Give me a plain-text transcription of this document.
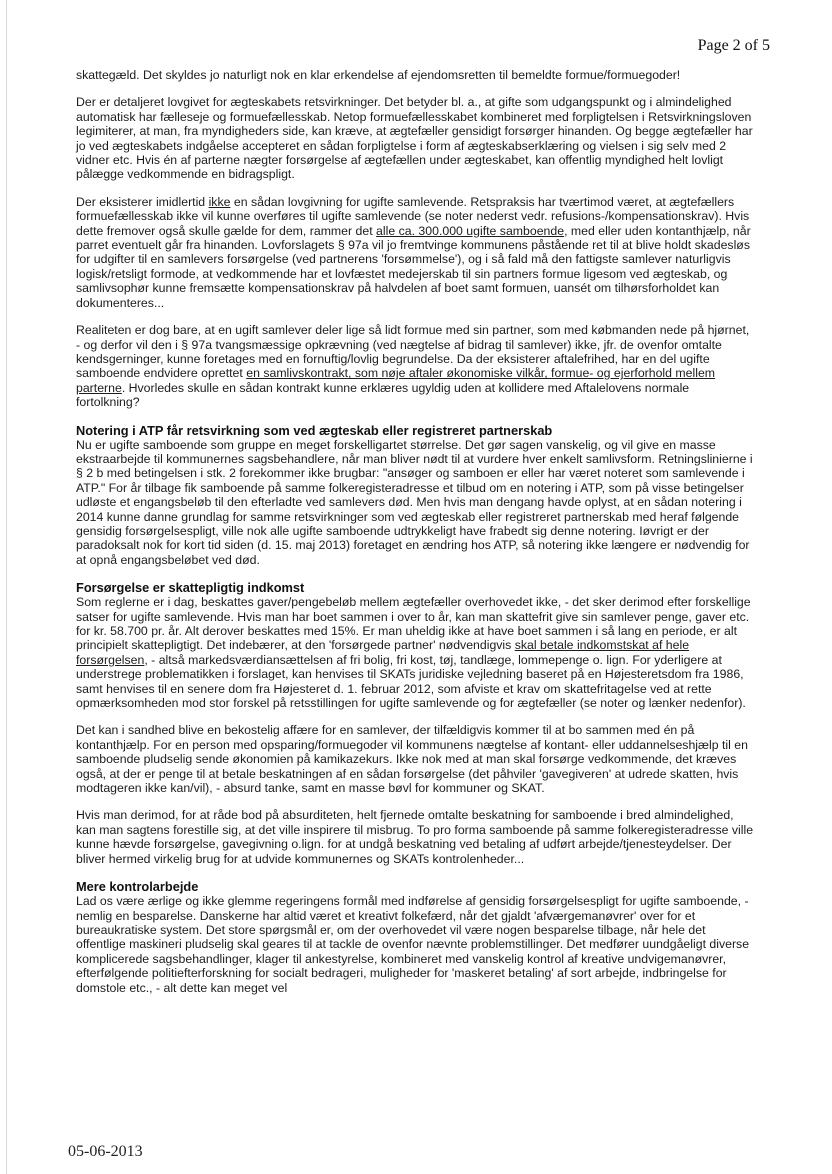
Page 2 of 5

skattegæld. Det skyldes jo naturligt nok en klar erkendelse af ejendomsretten til bemeldte formue/formuegoder!

Der er detaljeret lovgivet for ægteskabets retsvirkninger. Det betyder bl. a., at gifte som udgangspunkt og i almindelighed automatisk har fælleseje og formuefællesskab. Netop formuefællesskabet kombineret med forpligtelsen i Retsvirkningsloven legimiterer, at man, fra myndigheders side, kan kræve, at ægtefæller gensidigt forsørger hinanden. Og begge ægtefæller har jo ved ægteskabets indgåelse accepteret en sådan forpligtelse i form af ægteskabserklæring og vielsen i sig selv med 2 vidner etc. Hvis én af parterne nægter forsørgelse af ægtefællen under ægteskabet, kan offentlig myndighed helt lovligt pålægge vedkommende en bidragspligt.

Der eksisterer imidlertid ikke en sådan lovgivning for ugifte samlevende. Retspraksis har tværtimod været, at ægtefællers formuefællesskab ikke vil kunne overføres til ugifte samlevende (se noter nederst vedr. refusions-/kompensationskrav). Hvis dette fremover også skulle gælde for dem, rammer det alle ca. 300.000 ugifte samboende, med eller uden kontanthjælp, når parret eventuelt går fra hinanden. Lovforslagets § 97a vil jo fremtvinge kommunens påstående ret til at blive holdt skadesløs for udgifter til en samlevers forsørgelse (ved partnerens 'forsømmelse'), og i så fald må den fattigste samlever naturligvis logisk/retsligt formode, at vedkommende har et lovfæstet medejerskab til sin partners formue ligesom ved ægteskab, og samlivsophør kunne fremsætte kompensationskrav på halvdelen af boet samt formuen, uansét om tilhørsforholdet kan dokumenteres...

Realiteten er dog bare, at en ugift samlever deler lige så lidt formue med sin partner, som med købmanden nede på hjørnet, - og derfor vil den i § 97a tvangsmæssige opkrævning (ved nægtelse af bidrag til samlever) ikke, jfr. de ovenfor omtalte kendsgerninger, kunne foretages med en fornuftig/lovlig begrundelse. Da der eksisterer aftalefrihed, har en del ugifte samboende endvidere oprettet en samlivskontrakt, som nøje aftaler økonomiske vilkår, formue- og ejerforhold mellem parterne. Hvorledes skulle en sådan kontrakt kunne erklæres ugyldig uden at kollidere med Aftalelovens normale fortolkning?

Notering i ATP får retsvirkning som ved ægteskab eller registreret partnerskab

Nu er ugifte samboende som gruppe en meget forskelligartet størrelse. Det gør sagen vanskelig, og vil give en masse ekstraarbejde til kommunernes sagsbehandlere, når man bliver nødt til at vurdere hver enkelt samlivsform. Retningslinierne i § 2 b med betingelsen i stk. 2 forekommer ikke brugbar: "ansøger og samboen er eller har været noteret som samlevende i ATP." For år tilbage fik samboende på samme folkeregisteradresse et tilbud om en notering i ATP, som på visse betingelser udløste et engangsbeløb til den efterladte ved samlevers død. Men hvis man dengang havde oplyst, at en sådan notering i 2014 kunne danne grundlag for samme retsvirkninger som ved ægteskab eller registreret partnerskab med heraf følgende gensidig forsørgelsespligt, ville nok alle ugifte samboende udtrykkeligt have frabedt sig denne notering. Iøvrigt er der paradoksalt nok for kort tid siden (d. 15. maj 2013) foretaget en ændring hos ATP, så notering ikke længere er nødvendig for at opnå engangsbeløbet ved død.

Forsørgelse er skattepligtig indkomst

Som reglerne er i dag, beskattes gaver/pengebeløb mellem ægtefæller overhovedet ikke, - det sker derimod efter forskellige satser for ugifte samlevende. Hvis man har boet sammen i over to år, kan man skattefrit give sin samlever penge, gaver etc. for kr. 58.700 pr. år. Alt derover beskattes med 15%. Er man uheldig ikke at have boet sammen i så lang en periode, er alt principielt skattepligtigt. Det indebærer, at den 'forsørgede partner' nødvendigvis skal betale indkomstskat af hele forsørgelsen, - altså markedsværdiansættelsen af fri bolig, fri kost, tøj, tandlæge, lommepenge o. lign. For yderligere at understrege problematikken i forslaget, kan henvises til SKATs juridiske vejledning baseret på en Højesteretsdom fra 1986, samt henvises til en senere dom fra Højesteret d. 1. februar 2012, som afviste et krav om skattefritagelse ved at rette opmærksomheden mod stor forskel på retsstillingen for ugifte samlevende og for ægtefæller (se noter og lænker nedenfor).

Det kan i sandhed blive en bekostelig affære for en samlever, der tilfældigvis kommer til at bo sammen med én på kontanthjælp. For en person med opsparing/formuegoder vil kommunens nægtelse af kontant- eller uddannelseshjælp til en samboende pludselig sende økonomien på kamikazekurs. Ikke nok med at man skal forsørge vedkommende, det kræves også, at der er penge til at betale beskatningen af en sådan forsørgelse (det påhviler 'gavegiveren' at udrede skatten, hvis modtageren ikke kan/vil), - absurd tanke, samt en masse bøvl for kommuner og SKAT.

Hvis man derimod, for at råde bod på absurditeten, helt fjernede omtalte beskatning for samboende i bred almindelighed, kan man sagtens forestille sig, at det ville inspirere til misbrug. To pro forma samboende på samme folkeregisteradresse ville kunne hævde forsørgelse, gavegivning o.lign. for at undgå beskatning ved betaling af udført arbejde/tjenesteydelser. Der bliver hermed virkelig brug for at udvide kommunernes og SKATs kontrolenheder...

Mere kontrolarbejde

Lad os være ærlige og ikke glemme regeringens formål med indførelse af gensidig forsørgelsespligt for ugifte samboende, - nemlig en besparelse. Danskerne har altid været et kreativt folkefærd, når det gjaldt 'afværgemanøvrer' over for et bureaukratiske system. Det store spørgsmål er, om der overhovedet vil være nogen besparelse tilbage, når hele det offentlige maskineri pludselig skal geares til at tackle de ovenfor nævnte problemstillinger. Det medfører uundgåeligt diverse komplicerede sagsbehandlinger, klager til ankestyrelse, kombineret med vanskelig kontrol af kreative undvigemanøvrer, efterfølgende politiefterforskning for socialt bedrageri, muligheder for 'maskeret betaling' af sort arbejde, indbringelse for domstole etc., - alt dette kan meget vel

05-06-2013
